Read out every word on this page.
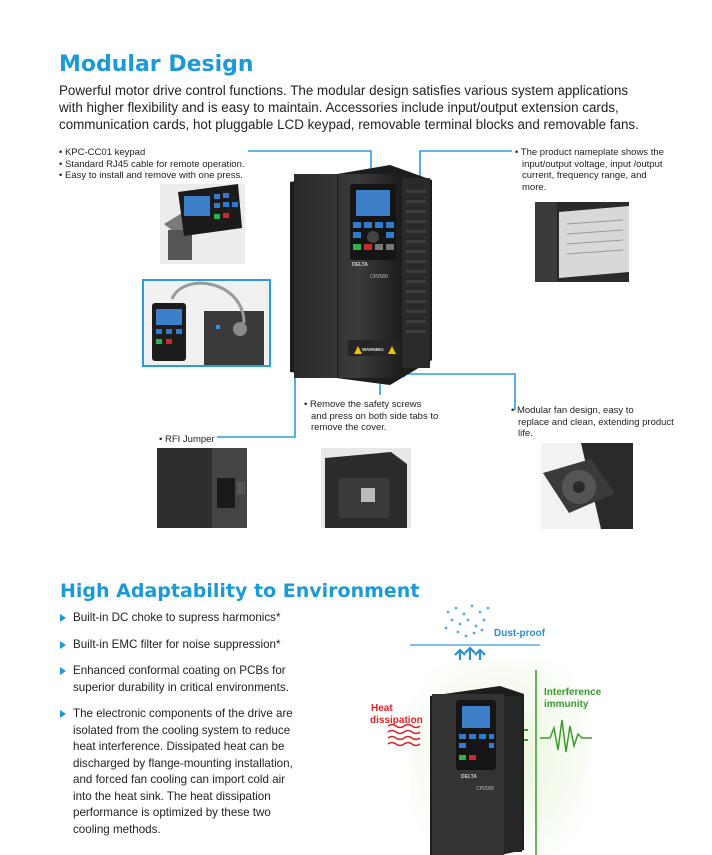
Modular Design
Powerful motor drive control functions. The modular design satisfies various system applications
with higher flexibility and is easy to maintain. Accessories include input/output extension cards,
communication cards, hot pluggable LCD keypad, removable terminal blocks and removable fans.
• KPC-CC01 keypad
• Standard RJ45 cable for remote operation.
• Easy to install and remove with one press.
• The product nameplate shows the
input/output voltage, input /output
current, frequency range, and
more.
• Remove the safety screws
and press on both side tabs to
remove the cover.
• Modular fan design, easy to
replace and clean, extending product
life.
• RFI Jumper
DELTA
CP2000
WARNING
High Adaptability to Environment
Built-in DC choke to supress harmonics*
Built-in EMC filter for noise suppression*
Enhanced conformal coating on PCBs for
superior durability in critical environments.
The electronic components of the drive are
isolated from the cooling system to reduce
heat interference. Dissipated heat can be
discharged by flange-mounting installation,
and forced fan cooling can import cold air
into the heat sink. The heat dissipation
performance is optimized by these two
cooling methods.
Dust-proof
Heat
dissipation
Interference
immunity
DELTA
CP2000
